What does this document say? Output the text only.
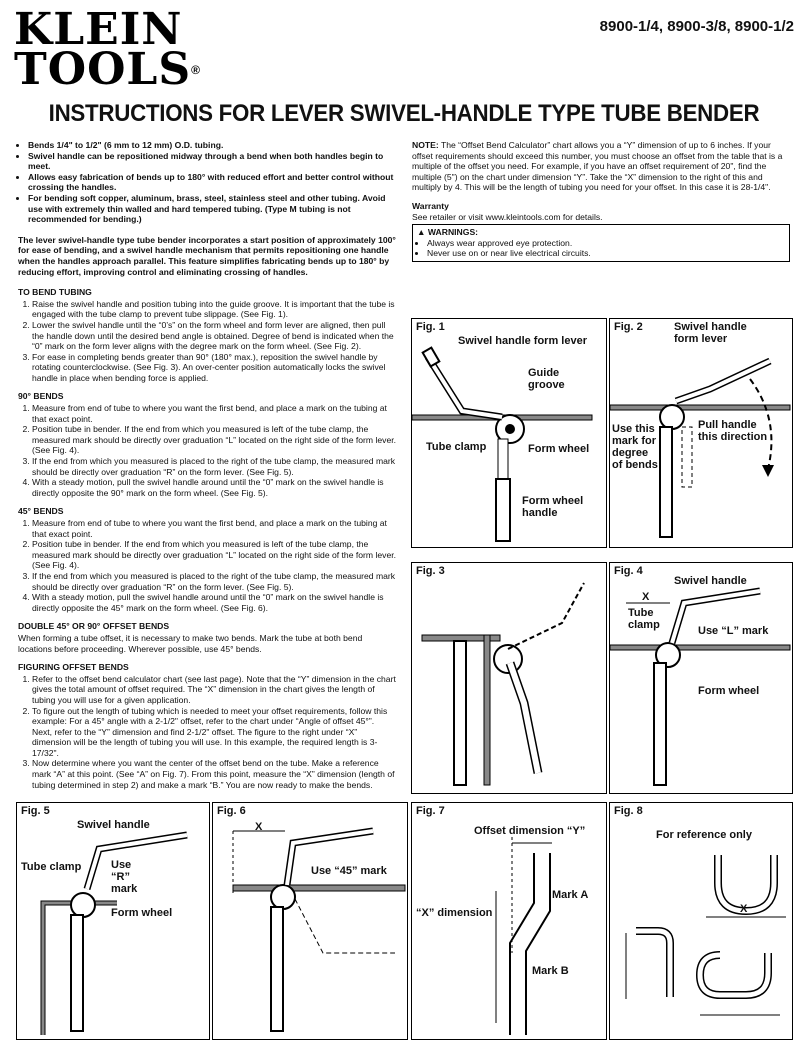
KLEIN
TOOLS®
8900-1/4, 8900-3/8, 8900-1/2
INSTRUCTIONS FOR LEVER SWIVEL-HANDLE TYPE TUBE BENDER
• Bends 1/4" to 1/2" (6 mm to 12 mm) O.D. tubing.
• Swivel handle can be repositioned midway through a bend when both handles begin to meet.
• Allows easy fabrication of bends up to 180° with reduced effort and better control without crossing the handles.
• For bending soft copper, aluminum, brass, steel, stainless steel and other tubing. Avoid use with extremely thin walled and hard tempered tubing. (Type M tubing is not recommended for bending.)

The lever swivel-handle type tube bender incorporates a start position of approximately 100° for ease of bending, and a swivel handle mechanism that permits repositioning one handle when the handles approach parallel. This feature simplifies fabricating bends up to 180° by reducing effort, improving control and eliminating crossing of handles.

TO BEND TUBING
1. Raise the swivel handle and position tubing into the guide groove. It is important that the tube is engaged with the tube clamp to prevent tube slippage. (See Fig. 1).
2. Lower the swivel handle until the “0’s” on the form wheel and form lever are aligned, then pull the handle down until the desired bend angle is obtained. Degree of bend is indicated when the “0” mark on the form lever aligns with the degree mark on the form wheel. (See Fig. 2).
3. For ease in completing bends greater than 90° (180° max.), reposition the swivel handle by rotating counterclockwise. (See Fig. 3). An over-center position automatically locks the swivel handle in place when bending force is applied.
90° BENDS
1. Measure from end of tube to where you want the first bend, and place a mark on the tubing at that exact point.
2. Position tube in bender. If the end from which you measured is left of the tube clamp, the measured mark should be directly over graduation “L” located on the right side of the form lever. (See Fig. 4).
3. If the end from which you measured is placed to the right of the tube clamp, the measured mark should be directly over graduation “R” on the form lever. (See Fig. 5).
4. With a steady motion, pull the swivel handle around until the “0” mark on the swivel handle is directly opposite the 90° mark on the form wheel. (See Fig. 5).
45° BENDS
1. Measure from end of tube to where you want the first bend, and place a mark on the tubing at that exact point.
2. Position tube in bender. If the end from which you measured is left of the tube clamp, the measured mark should be directly over graduation “L” located on the right side of the form lever. (See Fig. 4).
3. If the end from which you measured is placed to the right of the tube clamp, the measured mark should be directly over graduation “R” on the form lever. (See Fig. 5).
4. With a steady motion, pull the swivel handle around until the “0” mark on the swivel handle is directly opposite the 45° mark on the form wheel. (See Fig. 6).
DOUBLE 45° OR 90° OFFSET BENDS

When forming a tube offset, it is necessary to make two bends. Mark the tube at both bend locations before proceeding. Wherever possible, use 45° bends.

FIGURING OFFSET BENDS
1. Refer to the offset bend calculator chart (see last page). Note that the “Y” dimension in the chart gives the total amount of offset required. The “X” dimension in the chart gives the length of tubing you will use for a given application.
2. To figure out the length of tubing which is needed to meet your offset requirements, follow this example: For a 45° angle with a 2-1/2" offset, refer to the chart under “Angle of offset 45°”. Next, refer to the “Y” dimension and find 2-1/2" offset. The figure to the right under “X” dimension will be the length of tubing you will use. In this example, the required length is 3-17/32".
3. Now determine where you want the center of the offset bend on the tube. Make a reference mark “A” at this point. (See “A” on Fig. 7). From this point, measure the “X” dimension (length of tubing determined in step 2) and make a mark “B.” You are now ready to make the bends.

NOTE: The “Offset Bend Calculator” chart allows you a “Y” dimension of up to 6 inches. If your offset requirements should exceed this number, you must choose an offset from the table that is a multiple of the offset you need. For example, if you have an offset requirement of 20", find the multiple (5") on the chart under dimension “Y”. Take the “X” dimension to the right of this and multiply by 4. This will be the length of tubing you need for your offset. In this case it is 28-1/4".

Warranty
See retailer or visit www.kleintools.com for details.
▲ WARNINGS:
• Always wear approved eye protection.
• Never use on or near live electrical circuits.
Fig. 1
Swivel handle form lever
Guide groove
Tube clamp	Form wheel
Form wheel handle
Fig. 2	Swivel handle form lever
Use this mark for degree of bends
Pull handle this direction
Fig. 3	Fig. 4
Swivel handle
X
Tube clamp	Use “L” mark
Form wheel
Fig. 5
Swivel handle
Tube clamp	Use “R” mark
Form wheel
Fig. 6
X
Use “45” mark
Fig. 7
Offset dimension “Y”
“X” dimension
Mark A
Mark B
Fig. 8
For reference only
X
